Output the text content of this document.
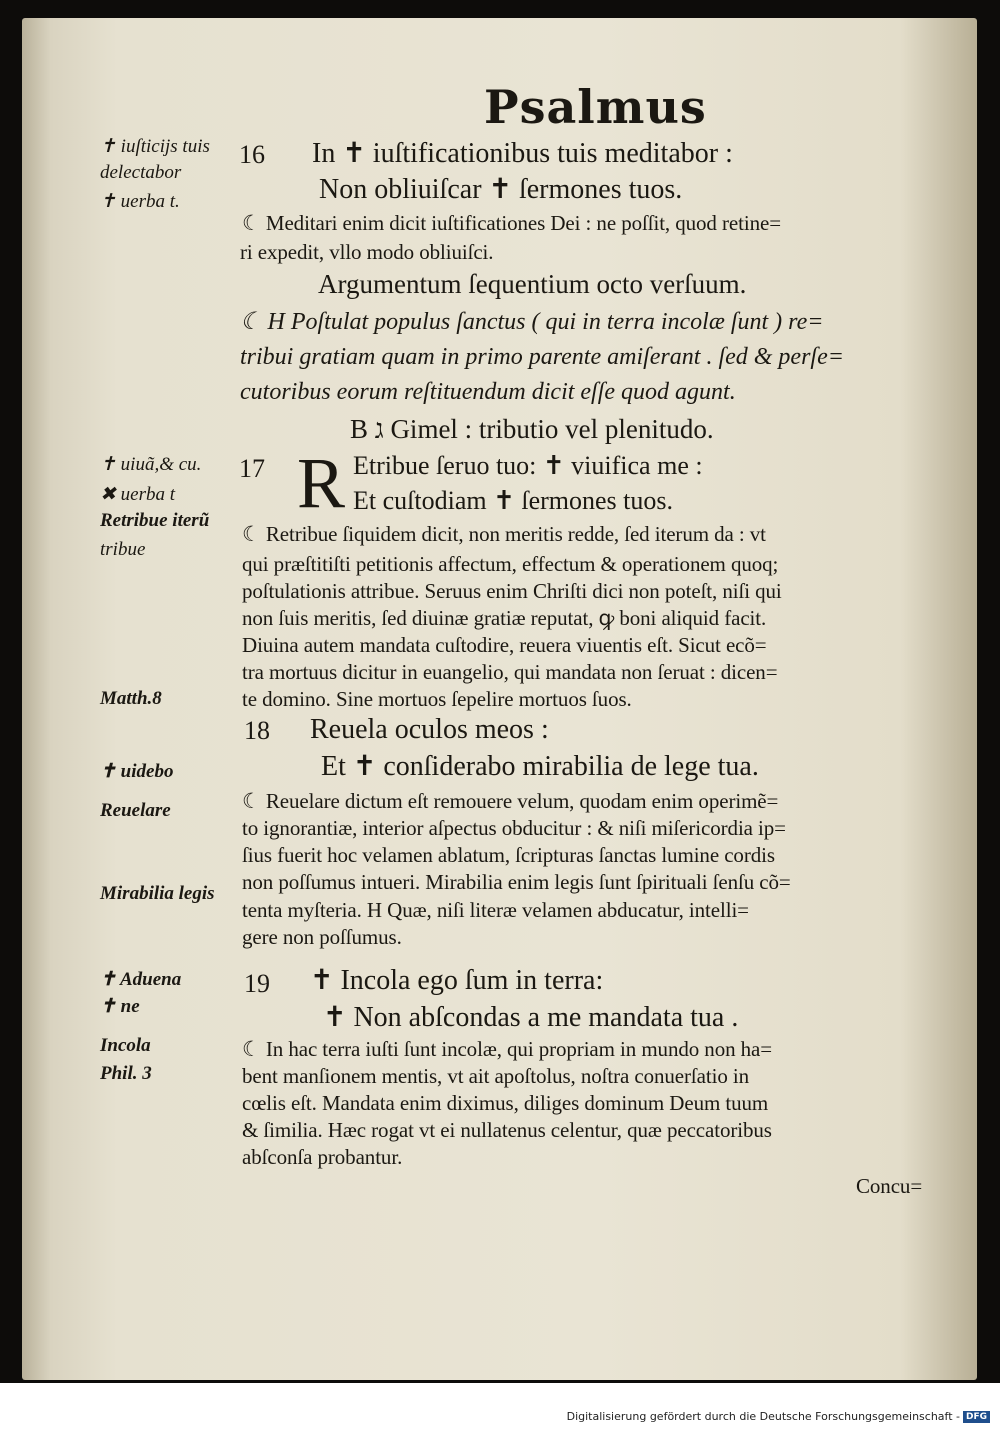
Psalmus
✝ iuſticijs tuis
delectabor
✝ uerba t.
✝ uiuã,& cu.
✖ uerba t
Retribue iterũ
tribue
Matth.8
✝ uidebo
Reuelare
Mirabilia legis
✝ Aduena
✝ ne
Incola
Phil. 3
16
17
18
19
In ✝ iuſtificationibus tuis meditabor :
Non obliuiſcar ✝ ſermones tuos.
☾ Meditari enim dicit iuſtificationes Dei : ne poſſit, quod retine=
ri expedit, vllo modo obliuiſci.
Argumentum ſequentium octo verſuum.
☾ H Poſtulat populus ſanctus ( qui in terra incolæ ſunt ) re=
tribui gratiam quam in primo parente amiſerant . ſed & perſe=
cutoribus eorum reſtituendum dicit eſſe quod agunt.
B ג Gimel : tributio vel plenitudo.
R Etribue ſeruo tuo: ✝ viuifica me :
Et cuſtodiam ✝ ſermones tuos.
☾ Retribue ſiquidem dicit, non meritis redde, ſed iterum da : vt
qui præſtitiſti petitionis affectum, effectum & operationem quoq;
poſtulationis attribue. Seruus enim Chriſti dici non poteſt, niſi qui
non ſuis meritis, ſed diuinæ gratiæ reputat, ꝙ boni aliquid facit.
Diuina autem mandata cuſtodire, reuera viuentis eſt. Sicut ecõ=
tra mortuus dicitur in euangelio, qui mandata non ſeruat : dicen=
te domino. Sine mortuos ſepelire mortuos ſuos.
Reuela oculos meos :
Et ✝ conſiderabo mirabilia de lege tua.
☾ Reuelare dictum eſt remouere velum, quodam enim operimẽ=
to ignorantiæ, interior aſpectus obducitur : & niſi miſericordia ip=
ſius fuerit hoc velamen ablatum, ſcripturas ſanctas lumine cordis
non poſſumus intueri. Mirabilia enim legis ſunt ſpirituali ſenſu cõ=
tenta myſteria. H Quæ, niſi literæ velamen abducatur, intelli=
gere non poſſumus.
✝ Incola ego ſum in terra:
✝ Non abſcondas a me mandata tua .
☾ In hac terra iuſti ſunt incolæ, qui propriam in mundo non ha=
bent manſionem mentis, vt ait apoſtolus, noſtra conuerſatio in
cœlis eſt. Mandata enim diximus, diliges dominum Deum tuum
& ſimilia. Hæc rogat vt ei nullatenus celentur, quæ peccatoribus
abſconſa probantur.
Concu=
Digitalisierung gefördert durch die Deutsche Forschungsgemeinschaft - DFG
